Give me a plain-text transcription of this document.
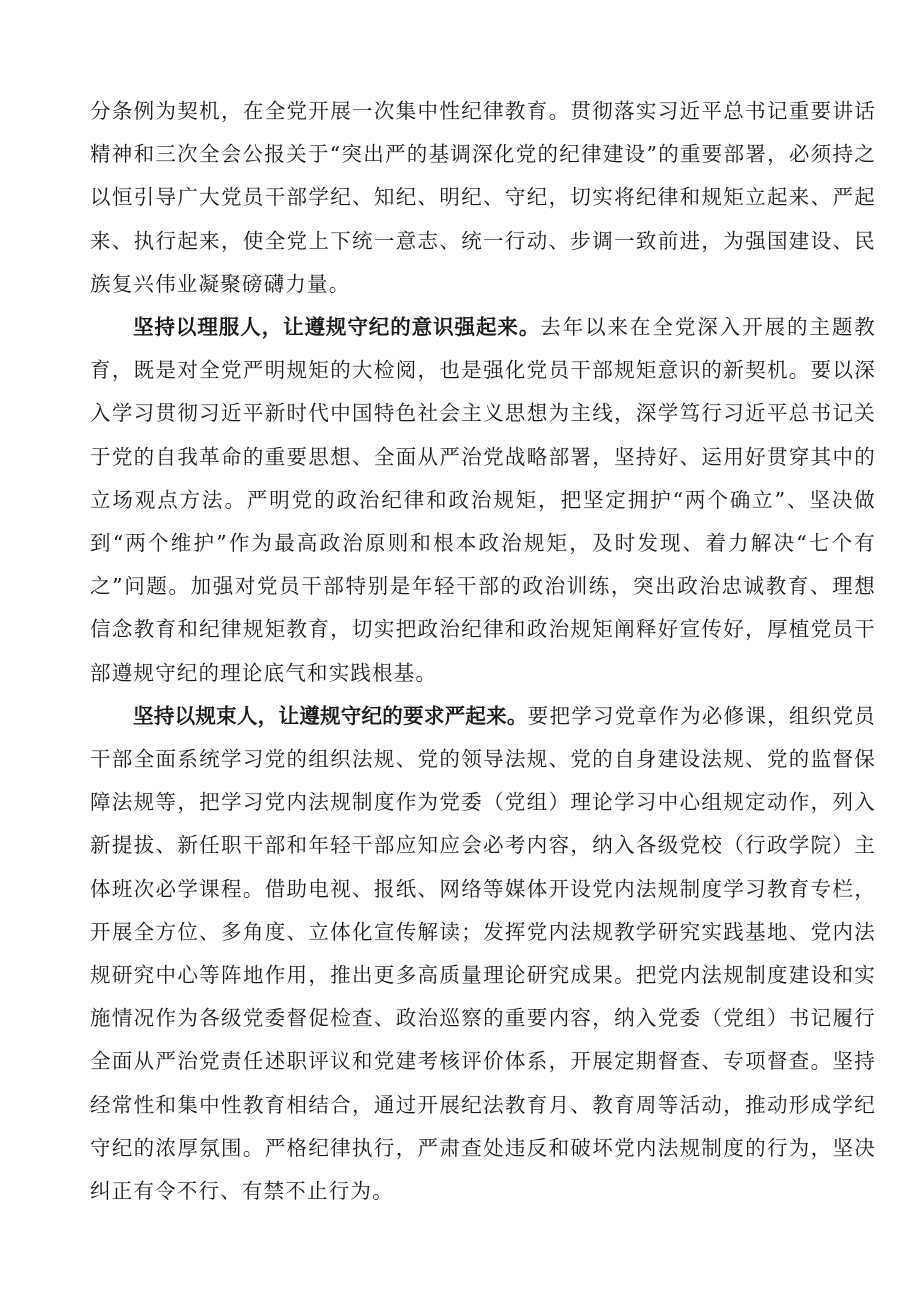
分条例为契机，在全党开展一次集中性纪律教育。贯彻落实习近平总书记重要讲话精神和三次全会公报关于“突出严的基调深化党的纪律建设”的重要部署，必须持之以恒引导广大党员干部学纪、知纪、明纪、守纪，切实将纪律和规矩立起来、严起来、执行起来，使全党上下统一意志、统一行动、步调一致前进，为强国建设、民族复兴伟业凝聚磅礴力量。

坚持以理服人，让遵规守纪的意识强起来。去年以来在全党深入开展的主题教育，既是对全党严明规矩的大检阅，也是强化党员干部规矩意识的新契机。要以深入学习贯彻习近平新时代中国特色社会主义思想为主线，深学笃行习近平总书记关于党的自我革命的重要思想、全面从严治党战略部署，坚持好、运用好贯穿其中的立场观点方法。严明党的政治纪律和政治规矩，把坚定拥护“两个确立”、坚决做到“两个维护”作为最高政治原则和根本政治规矩，及时发现、着力解决“七个有之”问题。加强对党员干部特别是年轻干部的政治训练，突出政治忠诚教育、理想信念教育和纪律规矩教育，切实把政治纪律和政治规矩阐释好宣传好，厚植党员干部遵规守纪的理论底气和实践根基。

坚持以规束人，让遵规守纪的要求严起来。要把学习党章作为必修课，组织党员干部全面系统学习党的组织法规、党的领导法规、党的自身建设法规、党的监督保障法规等，把学习党内法规制度作为党委（党组）理论学习中心组规定动作，列入新提拔、新任职干部和年轻干部应知应会必考内容，纳入各级党校（行政学院）主体班次必学课程。借助电视、报纸、网络等媒体开设党内法规制度学习教育专栏，开展全方位、多角度、立体化宣传解读；发挥党内法规教学研究实践基地、党内法规研究中心等阵地作用，推出更多高质量理论研究成果。把党内法规制度建设和实施情况作为各级党委督促检查、政治巡察的重要内容，纳入党委（党组）书记履行全面从严治党责任述职评议和党建考核评价体系，开展定期督查、专项督查。坚持经常性和集中性教育相结合，通过开展纪法教育月、教育周等活动，推动形成学纪守纪的浓厚氛围。严格纪律执行，严肃查处违反和破坏党内法规制度的行为，坚决纠正有令不行、有禁不止行为。
